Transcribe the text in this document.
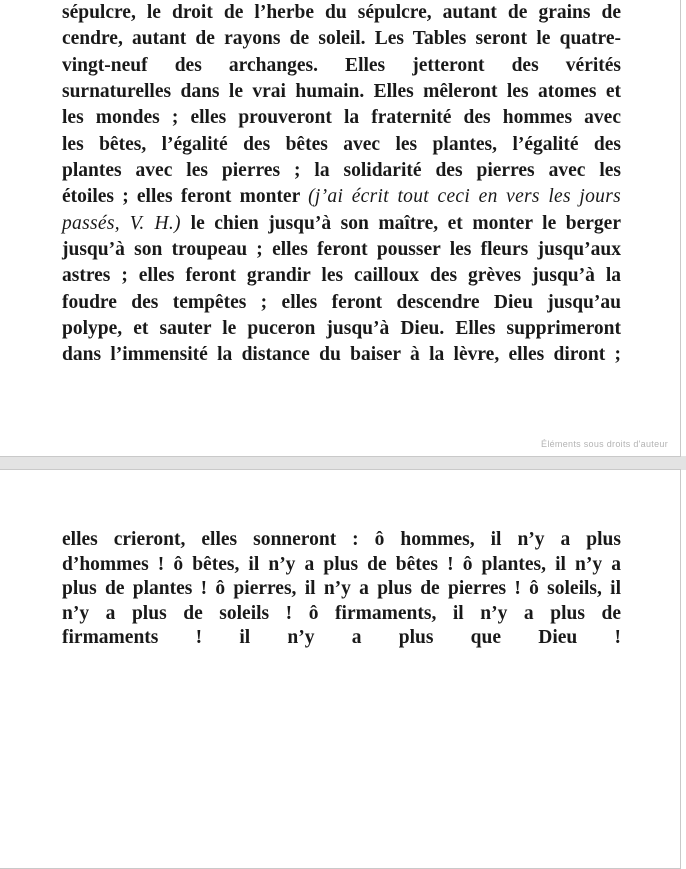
sépulcre, le droit de l’herbe du sépulcre, autant de grains de
cendre, autant de rayons de soleil. Les Tables seront le quatre-
vingt-neuf des archanges. Elles jetteront des vérités
surnaturelles dans le vrai humain. Elles mêleront les atomes et
les mondes ; elles prouveront la fraternité des hommes avec
les bêtes, l’égalité des bêtes avec les plantes, l’égalité des
plantes avec les pierres ; la solidarité des pierres avec les
étoiles ; elles feront monter (j’ai écrit tout ceci en vers les jours
passés, V. H.) le chien jusqu’à son maître, et monter le berger
jusqu’à son troupeau ; elles feront pousser les fleurs jusqu’aux
astres ; elles feront grandir les cailloux des grèves jusqu’à la
foudre des tempêtes ; elles feront descendre Dieu jusqu’au
polype, et sauter le puceron jusqu’à Dieu. Elles supprimeront
dans l’immensité la distance du baiser à la lèvre, elles diront ;
Éléments sous droits d'auteur
elles crieront, elles sonneront : ô hommes, il n’y a plus
d’hommes ! ô bêtes, il n’y a plus de bêtes ! ô plantes, il n’y a
plus de plantes ! ô pierres, il n’y a plus de pierres ! ô soleils, il
n’y a plus de soleils ! ô firmaments, il n’y a plus de
firmaments ! il n’y a plus que Dieu !
